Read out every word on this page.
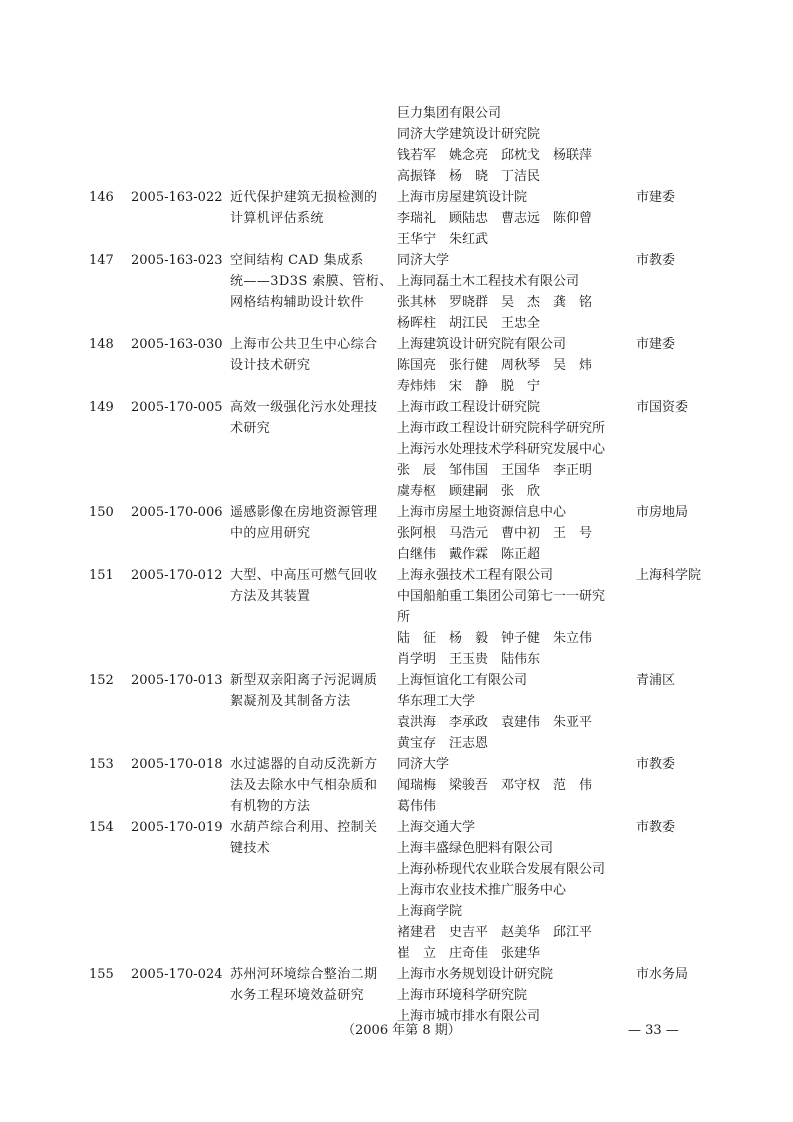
巨力集团有限公司
同济大学建筑设计研究院
钱若军　姚念亮　邱枕戈　杨联萍
高振锋　杨　晓　丁洁民
146 2005-163-022 近代保护建筑无损检测的
计算机评估系统
上海市房屋建筑设计院
李瑞礼　顾陆忠　曹志远　陈仰曾
王华宁　朱红武
市建委
147 2005-163-023 空间结构 CAD 集成系
统——3D3S 索膜、管桁、
网格结构辅助设计软件
同济大学
上海同磊土木工程技术有限公司
张其林　罗晓群　吴　杰　龚　铭
杨晖柱　胡江民　王忠全
市教委
148 2005-163-030 上海市公共卫生中心综合
设计技术研究
上海建筑设计研究院有限公司
陈国亮　张行健　周秋琴　吴　炜
寿炜炜　宋　静　脱　宁
市建委
149 2005-170-005 高效一级强化污水处理技
术研究
上海市政工程设计研究院
上海市政工程设计研究院科学研究所
上海污水处理技术学科研究发展中心
张　辰　邹伟国　王国华　李正明
虞寿枢　顾建嗣　张　欣
市国资委
150 2005-170-006 遥感影像在房地资源管理
中的应用研究
上海市房屋土地资源信息中心
张阿根　马浩元　曹中初　王　号
白继伟　戴作霖　陈正超
市房地局
151 2005-170-012 大型、中高压可燃气回收
方法及其装置
上海永强技术工程有限公司
中国船舶重工集团公司第七一一研究
所
陆　征　杨　毅　钟子健　朱立伟
肖学明　王玉贵　陆伟东
上海科学院
152 2005-170-013 新型双亲阳离子污泥调质
絮凝剂及其制备方法
上海恒谊化工有限公司
华东理工大学
袁洪海　李承政　袁建伟　朱亚平
黄宝存　汪志恩
青浦区
153 2005-170-018 水过滤器的自动反洗新方
法及去除水中气相杂质和
有机物的方法
同济大学
闻瑞梅　梁骏吾　邓守权　范　伟
葛伟伟
市教委
154 2005-170-019 水葫芦综合利用、控制关
键技术
上海交通大学
上海丰盛绿色肥料有限公司
上海孙桥现代农业联合发展有限公司
上海市农业技术推广服务中心
上海商学院
褚建君　史吉平　赵美华　邱江平
崔　立　庄奇佳　张建华
市教委
155 2005-170-024 苏州河环境综合整治二期
水务工程环境效益研究
上海市水务规划设计研究院
上海市环境科学研究院
上海市城市排水有限公司
市水务局
（2006 年第 8 期）	— 33 —
